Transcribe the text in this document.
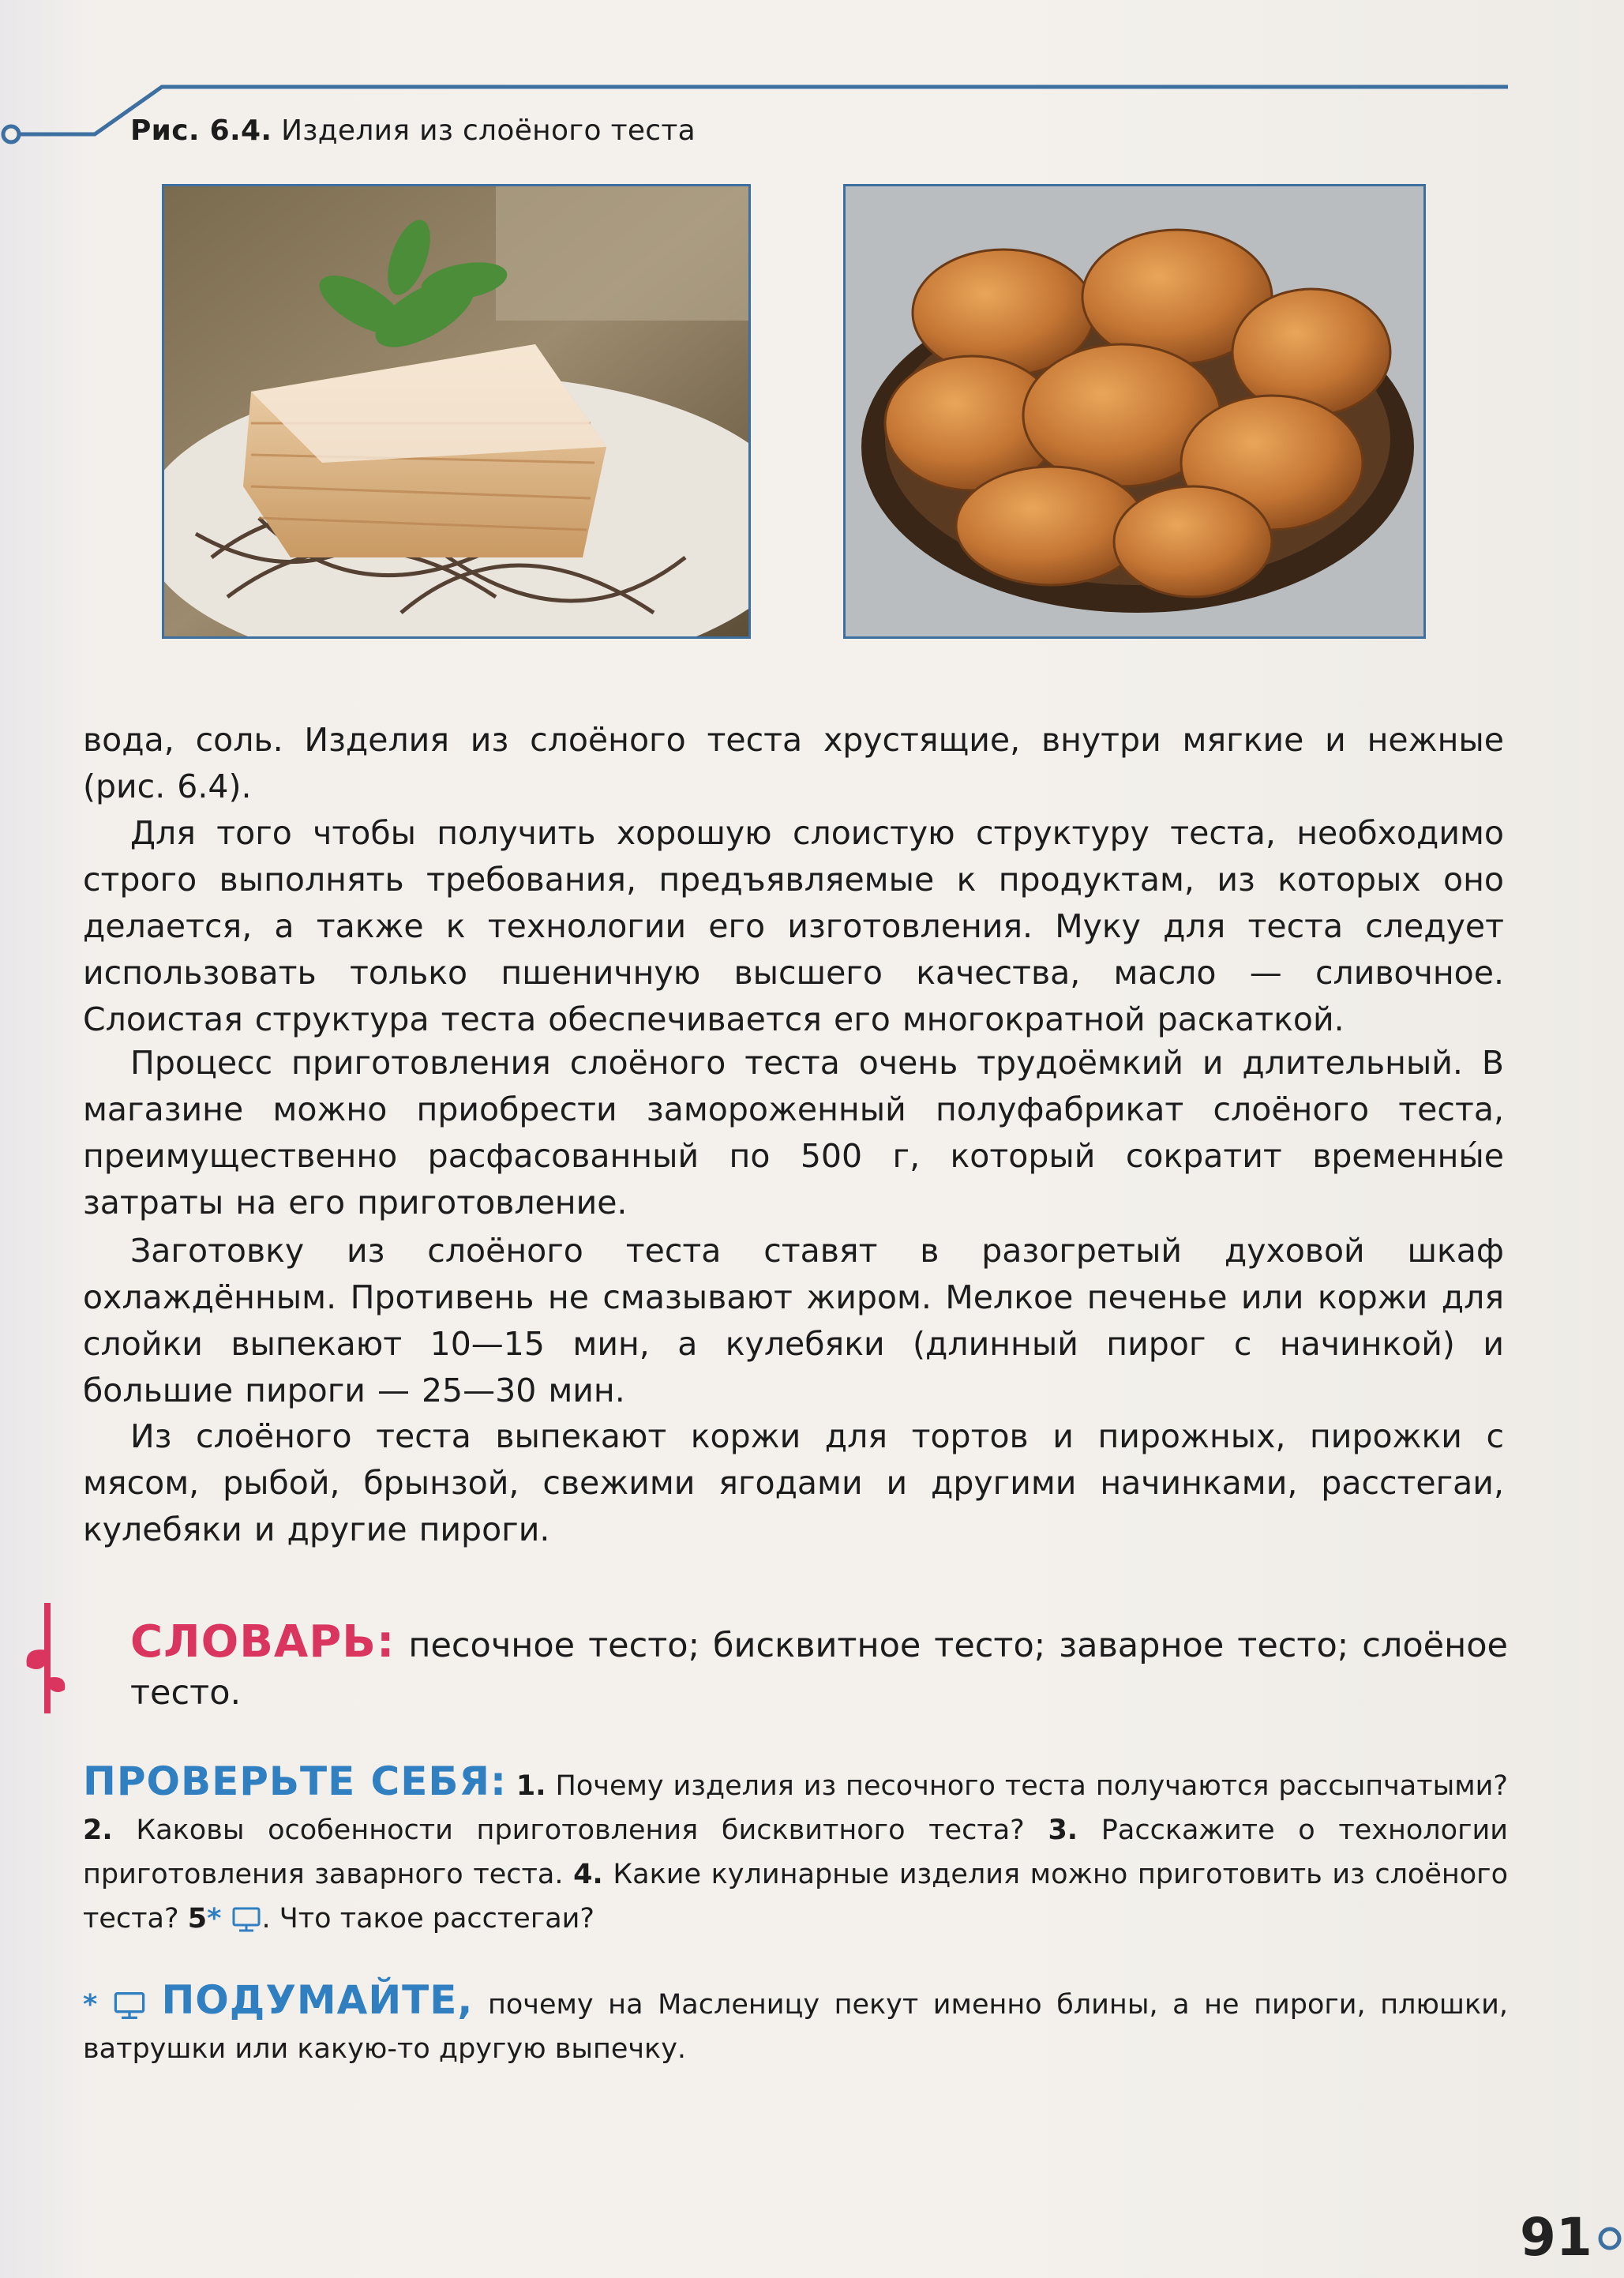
Рис. 6.4. Изделия из слоёного теста

вода, соль. Изделия из слоёного теста хрустящие, внутри мягкие и нежные (рис. 6.4).

Для того чтобы получить хорошую слоистую структуру теста, необходимо строго выполнять требования, предъявляемые к продуктам, из которых оно делается, а также к технологии его изготовления. Муку для теста следует использовать только пшеничную высшего качества, масло — сливочное. Слоистая структура теста обеспечивается его многократной раскаткой.

Процесс приготовления слоёного теста очень трудоёмкий и длительный. В магазине можно приобрести замороженный полуфабрикат слоёного теста, преимущественно расфасованный по 500 г, который сократит временны́е затраты на его приготовление.

Заготовку из слоёного теста ставят в разогретый духовой шкаф охлаждённым. Противень не смазывают жиром. Мелкое печенье или коржи для слойки выпекают 10—15 мин, а кулебяки (длинный пирог с начинкой) и большие пироги — 25—30 мин.

Из слоёного теста выпекают коржи для тортов и пирожных, пирожки с мясом, рыбой, брынзой, свежими ягодами и другими начинками, расстегаи, кулебяки и другие пироги.

СЛОВАРЬ: песочное тесто; бисквитное тесто; заварное тесто; слоёное тесто.
ПРОВЕРЬТЕ СЕБЯ: 1. Почему изделия из песочного теста получаются рассыпчатыми? 2. Каковы особенности приготовления бисквитного теста? 3. Расскажите о технологии приготовления заварного теста. 4. Какие кулинарные изделия можно приготовить из слоёного теста? 5* . Что такое расстегаи?
* ПОДУМАЙТЕ, почему на Масленицу пекут именно блины, а не пироги, плюшки, ватрушки или какую-то другую выпечку.
91
